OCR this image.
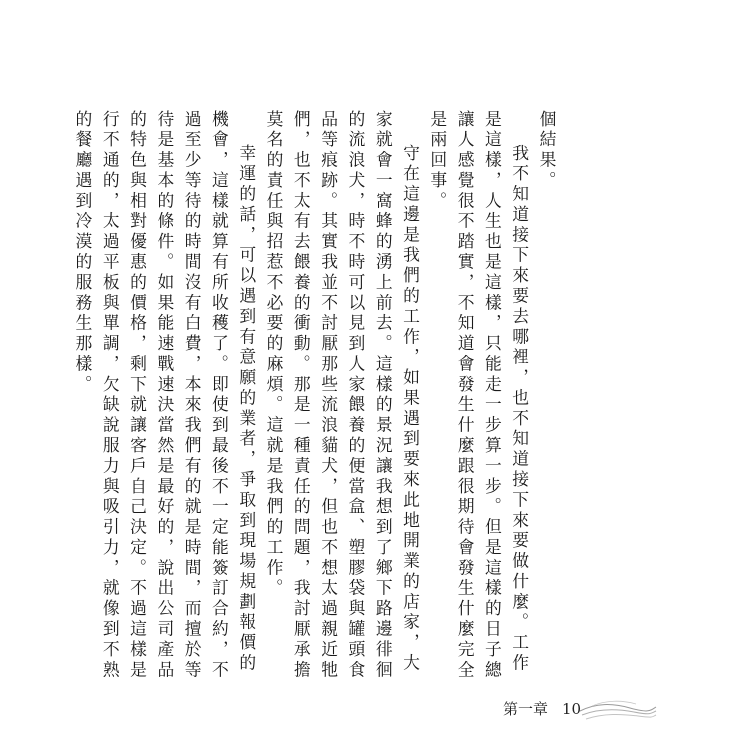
個結果。

我不知道接下來要去哪裡，也不知道接下來要做什麼。工作是這樣，人生也是這樣，只能走一步算一步。但是這樣的日子總讓人感覺很不踏實，不知道會發生什麼跟很期待會發生什麼完全是兩回事。

守在這邊是我們的工作，如果遇到要來此地開業的店家，大家就會一窩蜂的湧上前去。這樣的景況讓我想到了鄉下路邊徘徊的流浪犬，時不時可以見到人家餵養的便當盒、塑膠袋與罐頭食品等痕跡。其實我並不討厭那些流浪貓犬，但也不想太過親近牠們，也不太有去餵養的衝動。那是一種責任的問題，我討厭承擔莫名的責任與招惹不必要的麻煩。這就是我們的工作。

幸運的話，可以遇到有意願的業者，爭取到現場規劃報價的機會，這樣就算有所收穫了。即使到最後不一定能簽訂合約，不過至少等待的時間沒有白費，本來我們有的就是時間，而擅於等待是基本的條件。如果能速戰速決當然是最好的，說出公司產品的特色與相對優惠的價格，剩下就讓客戶自己決定。不過這樣是行不通的，太過平板與單調，欠缺說服力與吸引力，就像到不熟的餐廳遇到冷漠的服務生那樣。

第一章 10
